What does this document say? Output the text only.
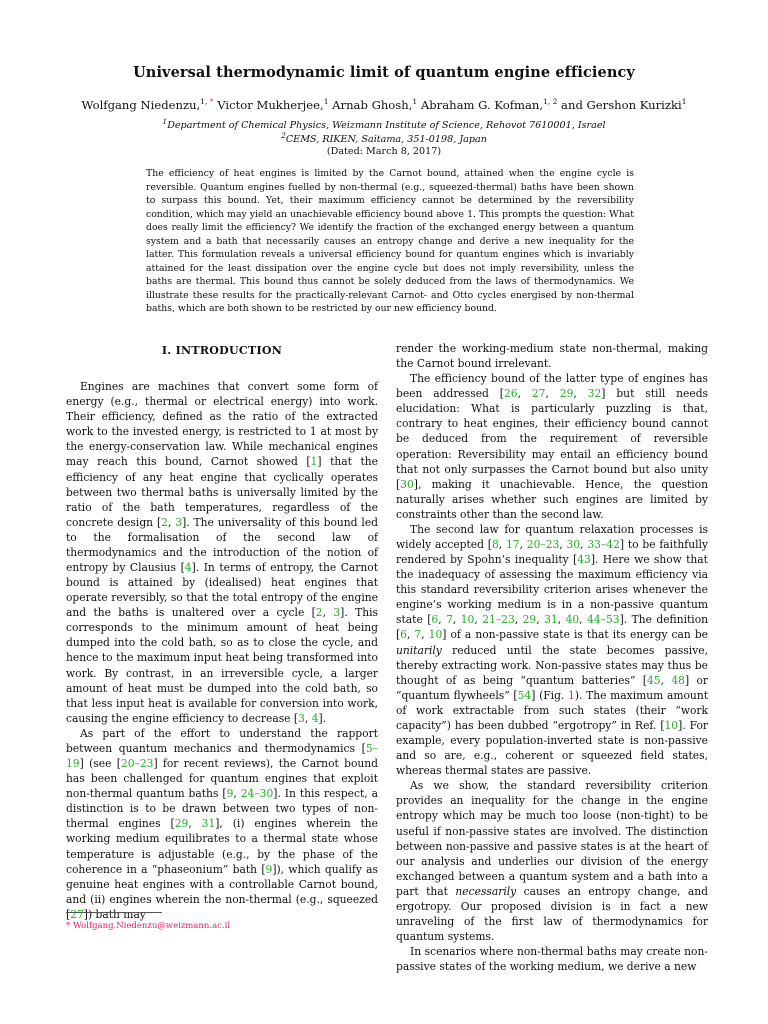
Universal thermodynamic limit of quantum engine efficiency
Wolfgang Niedenzu,$^{1,}$ * Victor Mukherjee,$^1$ Arnab Ghosh,$^1$ Abraham G. Kofman,$^{1, 2}$ and Gershon Kurizki$^1$
$^1$Department of Chemical Physics, Weizmann Institute of Science, Rehovot 7610001, Israel
$^2$CEMS, RIKEN, Saitama, 351-0198, Japan
(Dated: March 8, 2017)
The efficiency of heat engines is limited by the Carnot bound, attained when the engine cycle is reversible. Quantum engines fuelled by non-thermal (e.g., squeezed-thermal) baths have been shown to surpass this bound. Yet, their maximum efficiency cannot be determined by the reversibility condition, which may yield an unachievable efficiency bound above 1. This prompts the question: What does really limit the efficiency? We identify the fraction of the exchanged energy between a quantum system and a bath that necessarily causes an entropy change and derive a new inequality for the latter. This formulation reveals a universal efficiency bound for quantum engines which is invariably attained for the least dissipation over the engine cycle but does not imply reversibility, unless the baths are thermal. This bound thus cannot be solely deduced from the laws of thermodynamics. We illustrate these results for the practically-relevant Carnot- and Otto cycles energised by non-thermal baths, which are both shown to be restricted by our new efficiency bound.
I. INTRODUCTION

Engines are machines that convert some form of energy (e.g., thermal or electrical energy) into work. Their efficiency, defined as the ratio of the extracted work to the invested energy, is restricted to 1 at most by the energy-conservation law. While mechanical engines may reach this bound, Carnot showed [1] that the efficiency of any heat engine that cyclically operates between two thermal baths is universally limited by the ratio of the bath temperatures, regardless of the concrete design [2, 3]. The universality of this bound led to the formalisation of the second law of thermodynamics and the introduction of the notion of entropy by Clausius [4]. In terms of entropy, the Carnot bound is attained by (idealised) heat engines that operate reversibly, so that the total entropy of the engine and the baths is unaltered over a cycle [2, 3]. This corresponds to the minimum amount of heat being dumped into the cold bath, so as to close the cycle, and hence to the maximum input heat being transformed into work. By contrast, in an irreversible cycle, a larger amount of heat must be dumped into the cold bath, so that less input heat is available for conversion into work, causing the engine efficiency to decrease [3, 4].

As part of the effort to understand the rapport between quantum mechanics and thermodynamics [5–19] (see [20–23] for recent reviews), the Carnot bound has been challenged for quantum engines that exploit non-thermal quantum baths [9, 24–30]. In this respect, a distinction is to be drawn between two types of non-thermal engines [29, 31], (i) engines wherein the working medium equilibrates to a thermal state whose temperature is adjustable (e.g., by the phase of the coherence in a “phaseonium” bath [9]), which qualify as genuine heat engines with a controllable Carnot bound, and (ii) engines wherein the non-thermal (e.g., squeezed [27]) bath may

render the working-medium state non-thermal, making the Carnot bound irrelevant.

The efficiency bound of the latter type of engines has been addressed [26, 27, 29, 32] but still needs elucidation: What is particularly puzzling is that, contrary to heat engines, their efficiency bound cannot be deduced from the requirement of reversible operation: Reversibility may entail an efficiency bound that not only surpasses the Carnot bound but also unity [30], making it unachievable. Hence, the question naturally arises whether such engines are limited by constraints other than the second law.

The second law for quantum relaxation processes is widely accepted [8, 17, 20–23, 30, 33–42] to be faithfully rendered by Spohn’s inequality [43]. Here we show that the inadequacy of assessing the maximum efficiency via this standard reversibility criterion arises whenever the engine’s working medium is in a non-passive quantum state [6, 7, 10, 21–23, 29, 31, 40, 44–53]. The definition [6, 7, 10] of a non-passive state is that its energy can be unitarily reduced until the state becomes passive, thereby extracting work. Non-passive states may thus be thought of as being “quantum batteries” [45, 48] or “quantum flywheels” [54] (Fig. 1). The maximum amount of work extractable from such states (their “work capacity”) has been dubbed “ergotropy” in Ref. [10]. For example, every population-inverted state is non-passive and so are, e.g., coherent or squeezed field states, whereas thermal states are passive.

As we show, the standard reversibility criterion provides an inequality for the change in the engine entropy which may be much too loose (non-tight) to be useful if non-passive states are involved. The distinction between non-passive and passive states is at the heart of our analysis and underlies our division of the energy exchanged between a quantum system and a bath into a part that necessarily causes an entropy change, and ergotropy. Our proposed division is in fact a new unraveling of the first law of thermodynamics for quantum systems.

In scenarios where non-thermal baths may create non-passive states of the working medium, we derive a new

* Wolfgang.Niedenzu@weizmann.ac.il
